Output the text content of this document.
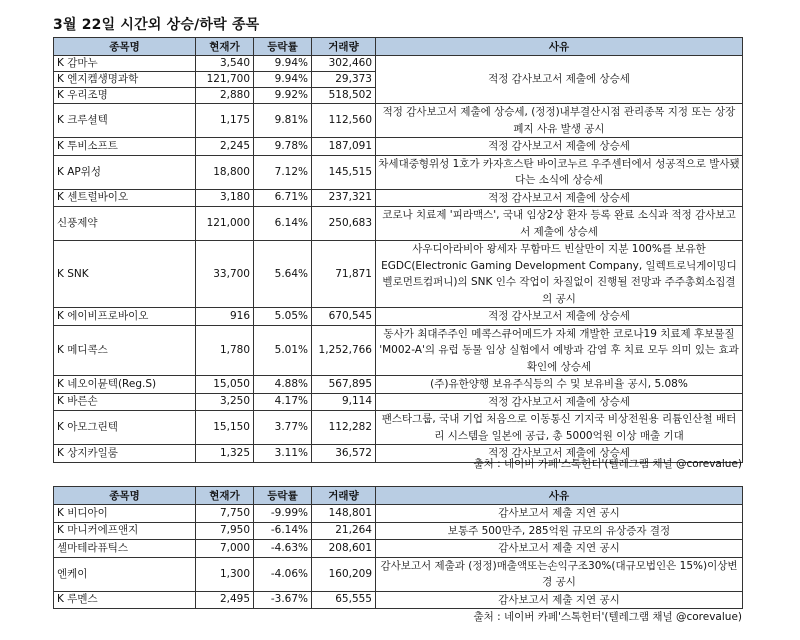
3월 22일 시간외 상승/하락 종목
종목명	현재가	등락률	거래량	사유
K 감마누	3,540	9.94%	302,460	적정 감사보고서 제출에 상승세
K 엔지켐생명과학	121,700	9.94%	29,373	
K 우리조명	2,880	9.92%	518,502	
K 크루셜텍	1,175	9.81%	112,560	적정 감사보고서 제출에 상승세, (정정)내부결산시점 관리종목 지정 또는 상장폐지 사유 발생 공시
K 투비소프트	2,245	9.78%	187,091	적정 감사보고서 제출에 상승세
K AP위성	18,800	7.12%	145,515	차세대중형위성 1호가 카자흐스탄 바이코누르 우주센터에서 성공적으로 발사됐다는 소식에 상승세
K 센트럴바이오	3,180	6.71%	237,321	적정 감사보고서 제출에 상승세
신풍제약	121,000	6.14%	250,683	코로나 치료제 '피라맥스', 국내 임상2상 환자 등록 완료 소식과 적정 감사보고서 제출에 상승세
K SNK	33,700	5.64%	71,871	사우디아라비아 왕세자 무함마드 빈살만이 지분 100%를 보유한 EGDC(Electronic Gaming Development Company, 일렉트로닉게이밍디벨로먼트컴퍼니)의 SNK 인수 작업이 차질없이 진행될 전망과 주주총회소집결의 공시
K 에이비프로바이오	916	5.05%	670,545	적정 감사보고서 제출에 상승세
K 메디콕스	1,780	5.01%	1,252,766	동사가 최대주주인 메콕스큐어메드가 자체 개발한 코로나19 치료제 후보물질 'M002-A'의 유럽 동물 임상 실험에서 예방과 감염 후 치료 모두 의미 있는 효과 확인에 상승세
K 네오이뮨텍(Reg.S)	15,050	4.88%	567,895	(주)유한양행 보유주식등의 수 및 보유비율 공시, 5.08%
K 바른손	3,250	4.17%	9,114	적정 감사보고서 제출에 상승세
K 아모그린텍	15,150	3.77%	112,282	팬스타그룹, 국내 기업 처음으로 이동통신 기지국 비상전원용 리튬인산철 배터리 시스템을 일본에 공급, 총 5000억원 이상 매출 기대
K 상지카일룸	1,325	3.11%	36,572	적정 감사보고서 제출에 상승세
출처 : 네이버 카페'스톡헌터'(텔레그램 채널 @corevalue)
종목명	현재가	등락률	거래량	사유
K 비디아이	7,750	-9.99%	148,801	감사보고서 제출 지연 공시
K 마니커에프앤지	7,950	-6.14%	21,264	보통주 500만주, 285억원 규모의 유상증자 결정
셀마테라퓨틱스	7,000	-4.63%	208,601	감사보고서 제출 지연 공시
엔케이	1,300	-4.06%	160,209	감사보고서 제출과 (정정)매출액또는손익구조30%(대규모법인은 15%)이상변경 공시
K 루멘스	2,495	-3.67%	65,555	감사보고서 제출 지연 공시
출처 : 네이버 카페'스톡헌터'(텔레그램 채널 @corevalue)
